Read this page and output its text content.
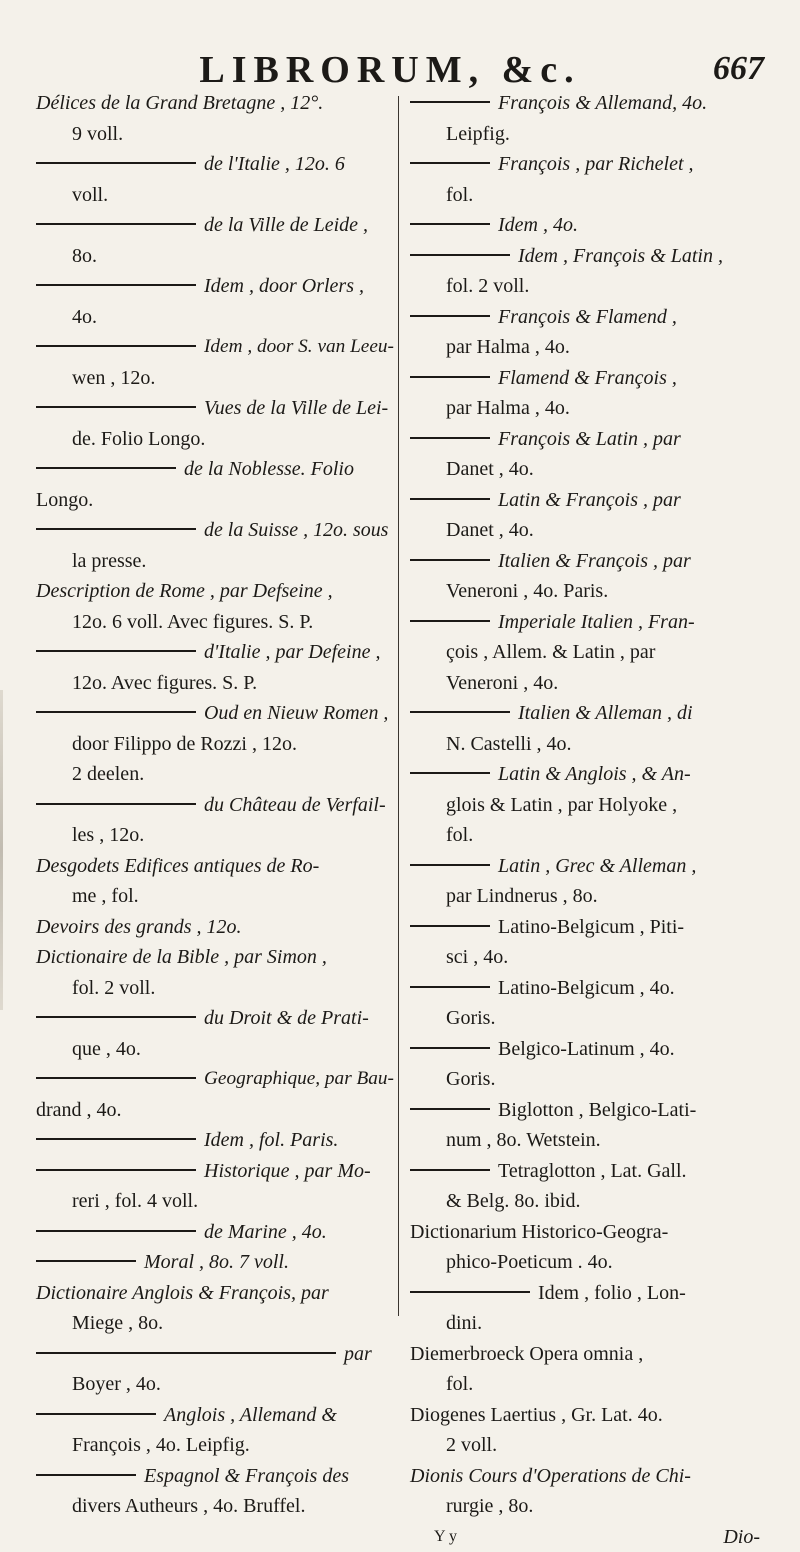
LIBRORUM, &c.	667
Délices de la Grand Bretagne , 12°.
9 voll.
de l'Italie , 12o. 6
voll.
de la Ville de Leide ,
8o.
Idem , door Orlers ,
4o.
Idem , door S. van Leeu-
wen , 12o.
Vues de la Ville de Lei-
de. Folio Longo.
de la Noblesse. Folio
Longo.
de la Suisse , 12o. sous
la presse.
Description de Rome , par Defseine ,
12o. 6 voll. Avec figures. S. P.
d'Italie , par Defeine ,
12o. Avec figures. S. P.
Oud en Nieuw Romen ,
door Filippo de Rozzi , 12o.
2 deelen.
du Château de Verfail-
les , 12o.
Desgodets Edifices antiques de Ro-
me , fol.
Devoirs des grands , 12o.
Dictionaire de la Bible , par Simon ,
fol. 2 voll.
du Droit & de Prati-
que , 4o.
Geographique, par Bau-
drand , 4o.
Idem , fol. Paris.
Historique , par Mo-
reri , fol. 4 voll.
de Marine , 4o.
Moral , 8o. 7 voll.
Dictionaire Anglois & François, par
Miege , 8o.
par
Boyer , 4o.
Anglois , Allemand &
François , 4o. Leipfig.
Espagnol & François des
divers Autheurs , 4o. Bruffel.
François & Allemand, 4o.
Leipfig.
François , par Richelet ,
fol.
Idem , 4o.
Idem , François & Latin ,
fol. 2 voll.
François & Flamend ,
par Halma , 4o.
Flamend & François ,
par Halma , 4o.
François & Latin , par
Danet , 4o.
Latin & François , par
Danet , 4o.
Italien & François , par
Veneroni , 4o. Paris.
Imperiale Italien , Fran-
çois , Allem. & Latin , par
Veneroni , 4o.
Italien & Alleman , di
N. Castelli , 4o.
Latin & Anglois , & An-
glois & Latin , par Holyoke ,
fol.
Latin , Grec & Alleman ,
par Lindnerus , 8o.
Latino-Belgicum , Piti-
sci , 4o.
Latino-Belgicum , 4o.
Goris.
Belgico-Latinum , 4o.
Goris.
Biglotton , Belgico-Lati-
num , 8o. Wetstein.
Tetraglotton , Lat. Gall.
& Belg. 8o. ibid.
Dictionarium Historico-Geogra-
phico-Poeticum . 4o.
Idem , folio , Lon-
dini.
Diemerbroeck Opera omnia ,
fol.
Diogenes Laertius , Gr. Lat. 4o.
2 voll.
Dionis Cours d'Operations de Chi-
rurgie , 8o.
Y y	Dio-
